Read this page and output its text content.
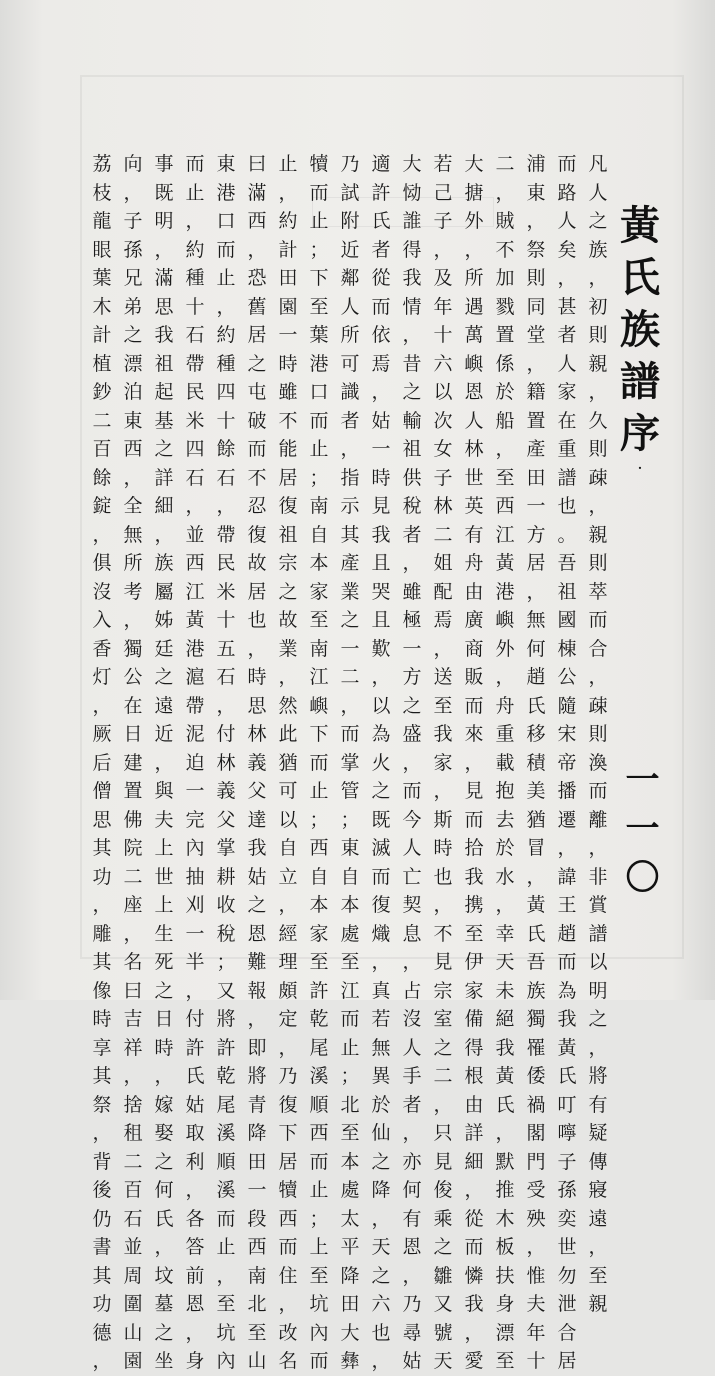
黃
氏
族
譜
序
·
凡
人
之
族
，
初
則
親
，
久
則
疎
，
親
則
萃
而
合
，
疎
則
渙
而
離
，
非
賞
譜
以
明
之
，
將
有
疑
傳
寢
遠
，
至
親
而
路
人
矣
，
甚
者
人
家
在
重
譜
也
。
吾
祖
國
棟
公
隨
宋
帝
播
遷
，
諱
王
趙
而
為
我
黃
氏
叮
嚀
子
孫
奕
世
勿
泄
合
居
浦
東
，
祭
則
同
堂
，
籍
置
產
田
一
方
居
，
無
何
趙
氏
移
積
美
猶
冒
，
黃
氏
吾
族
獨
罹
倭
禍
閣
門
受
殃
，
惟
夫
年
十
二
，
賊
不
加
戮
置
係
於
船
，
至
西
江
黃
港
嶼
外
，
舟
重
載
抱
去
於
水
，
幸
天
未
絕
我
黃
氏
，
默
推
木
板
扶
身
漂
至
大
搪
外
，
所
遇
萬
嶼
恩
人
林
世
英
有
舟
由
廣
商
販
而
來
，
見
而
拾
我
携
至
伊
家
備
得
根
由
詳
細
，
從
而
憐
我
，
愛
若
己
子
，
及
年
十
六
以
次
女
子
林
二
姐
配
焉
，
送
至
我
家
，
斯
時
也
，
不
見
宗
室
之
二
，
只
見
俊
乘
之
雛
又
號
天
大
恸
誰
得
我
情
，
昔
之
輸
祖
供
稅
者
，
雖
極
一
方
之
盛
，
而
今
人
亡
契
息
，
占
沒
人
手
者
，
亦
何
有
恩
，
乃
尋
姑
適
許
氏
者
從
而
依
焉
，
姑
一
時
見
我
且
哭
且
歎
，
以
為
火
之
既
滅
而
復
熾
，
真
若
無
異
於
仙
之
降
，
天
之
六
也
，
乃
試
附
近
鄰
人
所
可
識
者
，
指
示
其
產
業
之
一
二
，
而
掌
管
；
東
自
本
處
至
江
而
止
；
北
至
本
處
太
平
降
田
大
彝
犢
而
止
；
下
至
葉
港
口
而
止
；
南
自
本
家
至
南
江
嶼
下
而
止
；
西
自
本
家
至
許
乾
尾
溪
順
西
而
止
；
上
至
坑
內
而
止
，
約
計
田
園
一
時
雖
不
能
居
復
祖
宗
之
故
業
，
然
此
猶
可
以
自
立
，
經
理
頗
定
，
乃
復
下
居
犢
西
而
住
，
改
名
曰
滿
西
，
恐
舊
居
之
屯
破
而
不
忍
復
故
居
也
，
時
思
林
義
父
達
我
姑
之
恩
難
報
，
即
將
青
降
田
一
段
西
南
北
至
山
東
港
口
而
止
，
約
種
四
十
餘
石
，
帶
民
米
十
五
石
，
付
林
義
父
掌
耕
收
稅
；
又
將
許
乾
尾
溪
順
溪
而
止
，
至
坑
內
而
止
，
約
種
十
石
帶
民
米
四
石
，
並
西
江
黃
港
滬
帶
泥
迫
一
完
內
抽
刈
一
半
，
付
許
氏
姑
取
利
，
各
答
前
恩
，
身
事
既
明
，
滿
思
我
祖
起
基
之
詳
細
，
族
屬
姊
廷
之
遠
近
，
與
夫
上
世
上
生
死
之
日
時
，
嫁
娶
之
何
氏
，
坟
墓
之
坐
向
，
子
孫
兄
弟
之
漂
泊
東
西
，
全
無
所
考
，
獨
公
在
日
建
置
佛
院
二
座
，
名
曰
吉
祥
，
捨
租
二
百
石
並
周
圍
山
園
荔
枝
龍
眼
葉
木
計
植
鈔
二
百
餘
錠
，
俱
沒
入
香
灯
，
厥
后
僧
思
其
功
，
雕
其
像
時
享
其
祭
，
背
後
仍
書
其
功
德
，
一一〇
